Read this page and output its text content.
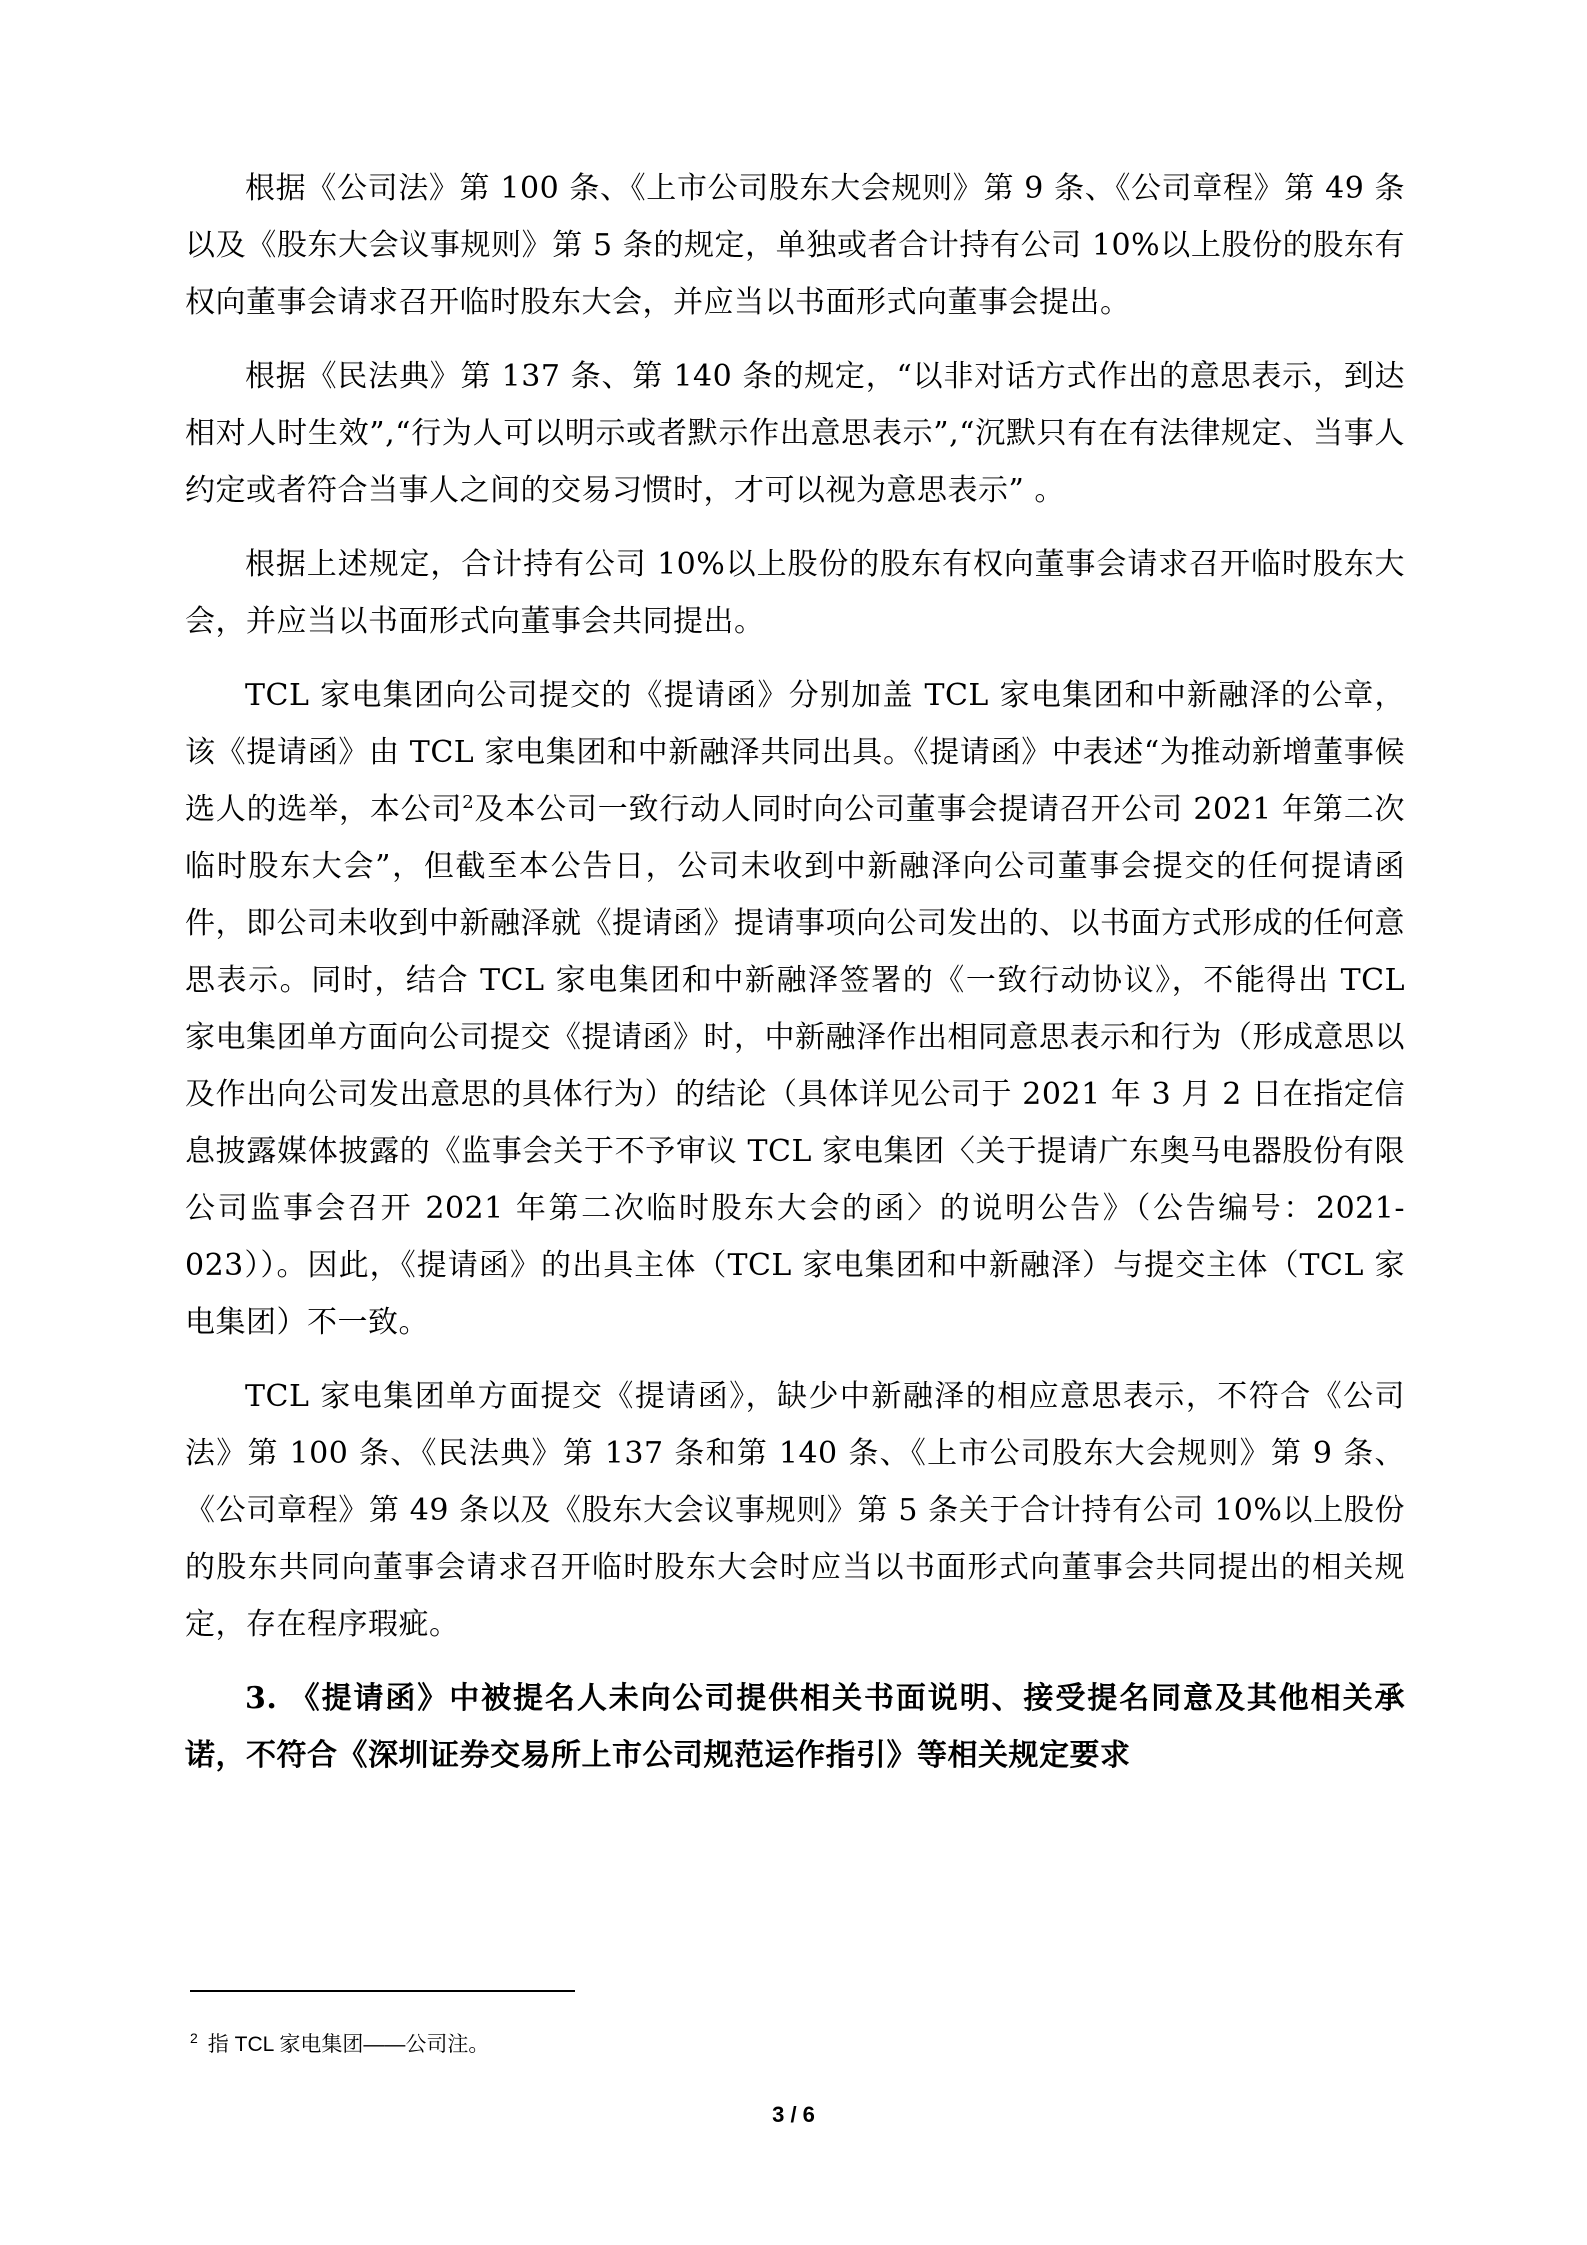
根据《公司法》第 100 条、《上市公司股东大会规则》第 9 条、《公司章程》第 49 条以及《股东大会议事规则》第 5 条的规定，单独或者合计持有公司 10%以上股份的股东有权向董事会请求召开临时股东大会，并应当以书面形式向董事会提出。

根据《民法典》第 137 条、第 140 条的规定，“以非对话方式作出的意思表示，到达相对人时生效”,“行为人可以明示或者默示作出意思表示”,“沉默只有在有法律规定、当事人约定或者符合当事人之间的交易习惯时，才可以视为意思表示” 。

根据上述规定，合计持有公司 10%以上股份的股东有权向董事会请求召开临时股东大会，并应当以书面形式向董事会共同提出。

TCL 家电集团向公司提交的《提请函》分别加盖 TCL 家电集团和中新融泽的公章，该《提请函》由 TCL 家电集团和中新融泽共同出具。《提请函》中表述“为推动新增董事候选人的选举，本公司$^2$及本公司一致行动人同时向公司董事会提请召开公司 2021 年第二次临时股东大会”，但截至本公告日，公司未收到中新融泽向公司董事会提交的任何提请函件，即公司未收到中新融泽就《提请函》提请事项向公司发出的、以书面方式形成的任何意思表示。同时，结合 TCL 家电集团和中新融泽签署的《一致行动协议》，不能得出 TCL 家电集团单方面向公司提交《提请函》时，中新融泽作出相同意思表示和行为（形成意思以及作出向公司发出意思的具体行为）的结论（具体详见公司于 2021 年 3 月 2 日在指定信息披露媒体披露的《监事会关于不予审议 TCL 家电集团〈关于提请广东奥马电器股份有限公司监事会召开 2021 年第二次临时股东大会的函〉的说明公告》（公告编号：2021-023））。因此，《提请函》的出具主体（TCL 家电集团和中新融泽）与提交主体（TCL 家电集团）不一致。

TCL 家电集团单方面提交《提请函》，缺少中新融泽的相应意思表示，不符合《公司法》第 100 条、《民法典》第 137 条和第 140 条、《上市公司股东大会规则》第 9 条、《公司章程》第 49 条以及《股东大会议事规则》第 5 条关于合计持有公司 10%以上股份的股东共同向董事会请求召开临时股东大会时应当以书面形式向董事会共同提出的相关规定，存在程序瑕疵。

3. 《提请函》中被提名人未向公司提供相关书面说明、接受提名同意及其他相关承诺，不符合《深圳证券交易所上市公司规范运作指引》等相关规定要求

$^2$ 指 TCL 家电集团——公司注。
3 / 6
